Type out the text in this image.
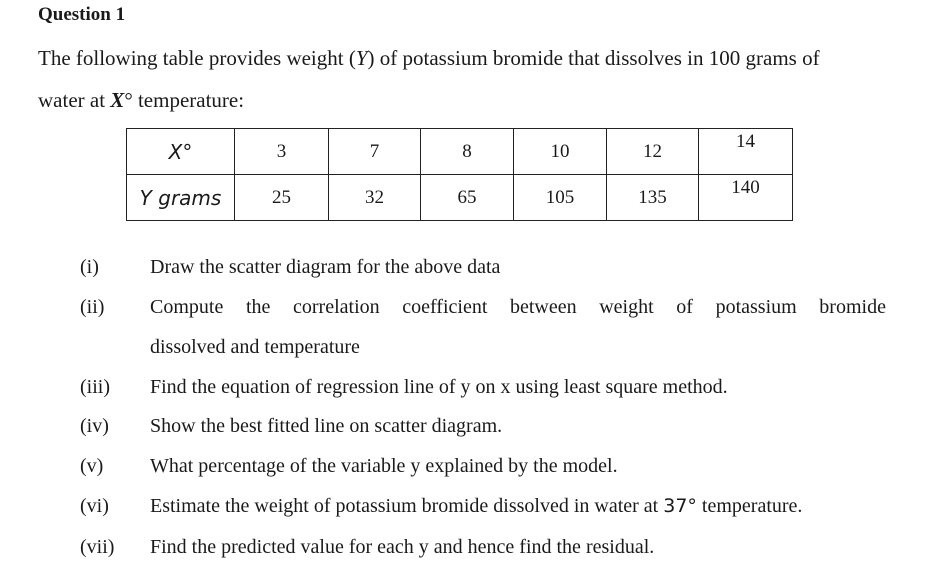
Question 1
The following table provides weight (Y) of potassium bromide that dissolves in 100 grams of
water at X° temperature:
X°	3	7	8	10	12	14
Y grams	25	32	65	105	135	140
(i)	Draw the scatter diagram for the above data
(ii)	Compute the correlation coefficient between weight of potassium bromide
dissolved and temperature
(iii)	Find the equation of regression line of y on x using least square method.
(iv)	Show the best fitted line on scatter diagram.
(v)	What percentage of the variable y explained by the model.
(vi)	Estimate the weight of potassium bromide dissolved in water at 37° temperature.
(vii)	Find the predicted value for each y and hence find the residual.
